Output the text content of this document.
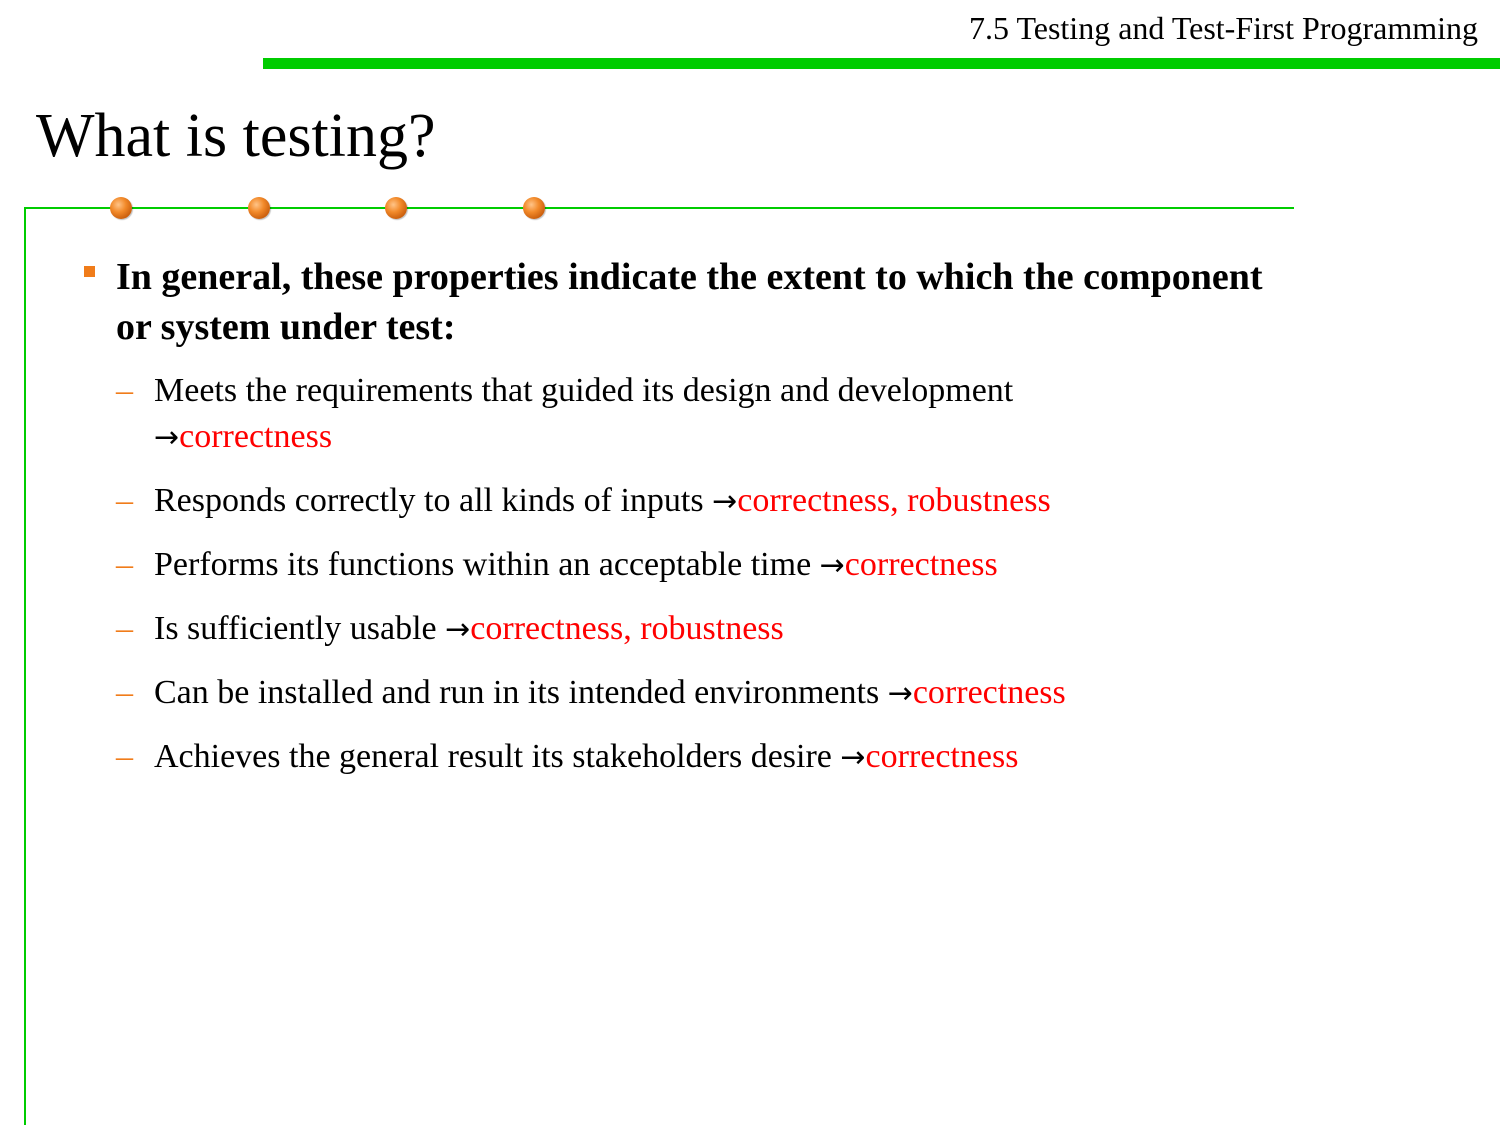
7.5 Testing and Test-First Programming
What is testing?
In general, these properties indicate the extent to which the component or system under test:
– Meets the requirements that guided its design and development
→correctness
– Responds correctly to all kinds of inputs →correctness, robustness
– Performs its functions within an acceptable time →correctness
– Is sufficiently usable →correctness, robustness
– Can be installed and run in its intended environments →correctness
– Achieves the general result its stakeholders desire →correctness
